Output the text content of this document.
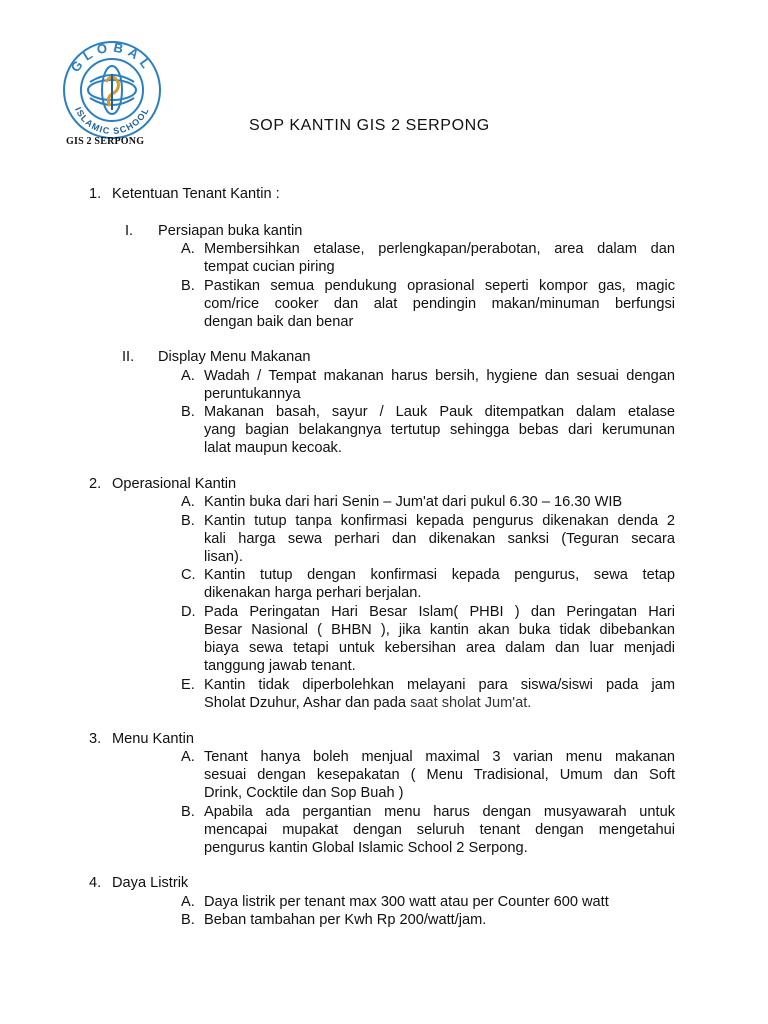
GLOBAL
ISLAMIC SCHOOL
GIS 2 SERPONG
SOP KANTIN GIS 2 SERPONG
1. Ketentuan Tenant Kantin :
I. Persiapan buka kantin
A. Membersihkan etalase, perlengkapan/perabotan, area dalam dan
tempat cucian piring
B. Pastikan semua pendukung oprasional seperti kompor gas, magic
com/rice cooker dan alat pendingin makan/minuman berfungsi
dengan baik dan benar
II. Display Menu Makanan
A. Wadah / Tempat makanan harus bersih, hygiene dan sesuai dengan
peruntukannya
B. Makanan basah, sayur / Lauk Pauk ditempatkan dalam etalase
yang bagian belakangnya tertutup sehingga bebas dari kerumunan
lalat maupun kecoak.
2. Operasional Kantin
A. Kantin buka dari hari Senin – Jum'at dari pukul 6.30 – 16.30 WIB
B. Kantin tutup tanpa konfirmasi kepada pengurus dikenakan denda 2
kali harga sewa perhari dan dikenakan sanksi (Teguran secara
lisan).
C. Kantin tutup dengan konfirmasi kepada pengurus, sewa tetap
dikenakan harga perhari berjalan.
D. Pada Peringatan Hari Besar Islam( PHBI ) dan Peringatan Hari
Besar Nasional ( BHBN ), jika kantin akan buka tidak dibebankan
biaya sewa tetapi untuk kebersihan area dalam dan luar menjadi
tanggung jawab tenant.
E. Kantin tidak diperbolehkan melayani para siswa/siswi pada jam
Sholat Dzuhur, Ashar dan pada saat sholat Jum'at.
3. Menu Kantin
A. Tenant hanya boleh menjual maximal 3 varian menu makanan
sesuai dengan kesepakatan ( Menu Tradisional, Umum dan Soft
Drink, Cocktile dan Sop Buah )
B. Apabila ada pergantian menu harus dengan musyawarah untuk
mencapai mupakat dengan seluruh tenant dengan mengetahui
pengurus kantin Global Islamic School 2 Serpong.
4. Daya Listrik
A. Daya listrik per tenant max 300 watt atau per Counter 600 watt
B. Beban tambahan per Kwh Rp 200/watt/jam.
